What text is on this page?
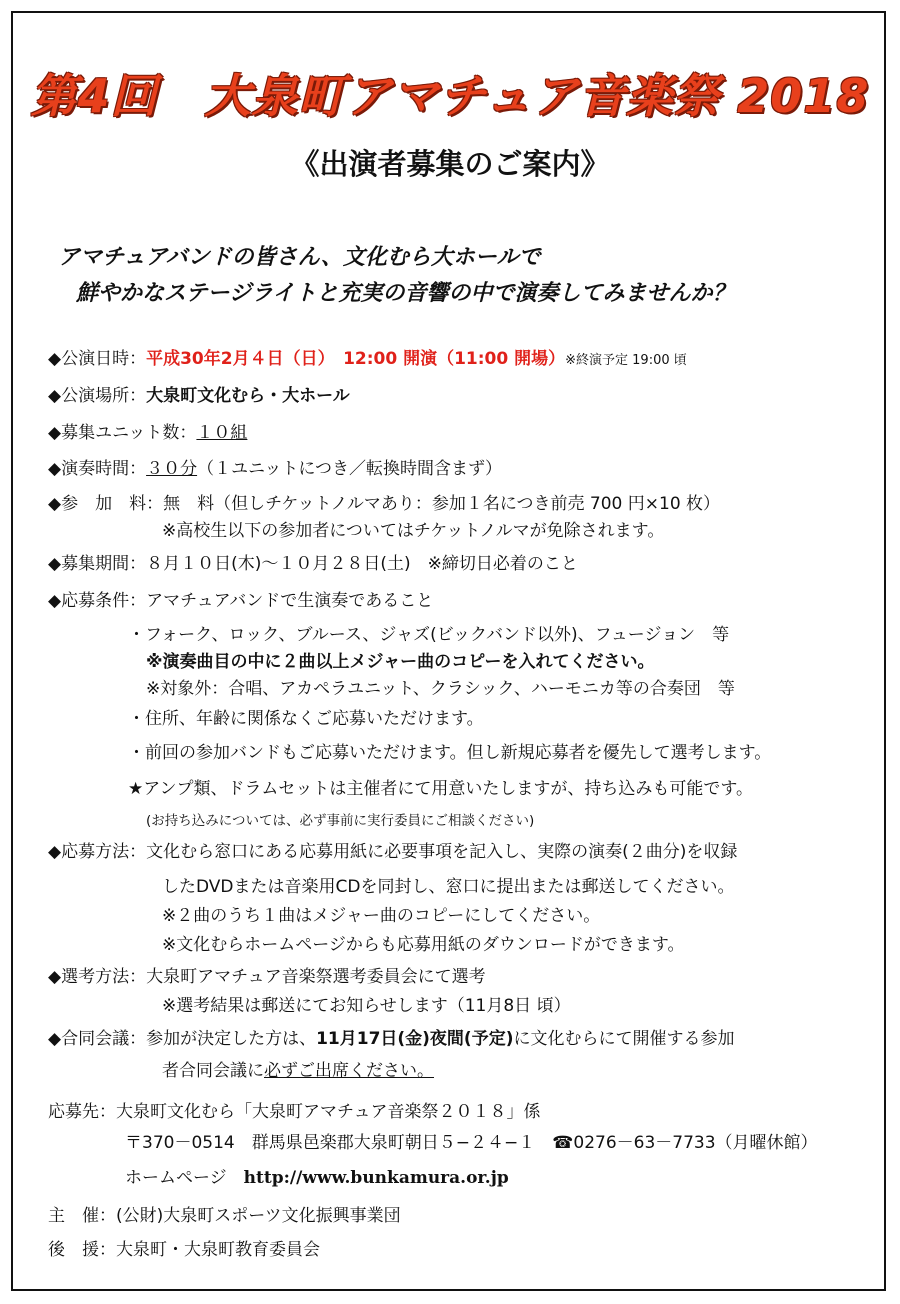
第4回　大泉町アマチュア音楽祭 2018
《出演者募集のご案内》
アマチュアバンドの皆さん、文化むら大ホールで
鮮やかなステージライトと充実の音響の中で演奏してみませんか？
◆公演日時：平成30年2月４日（日）　12:00 開演（11:00 開場）※終演予定 19:00 頃
◆公演場所：大泉町文化むら・大ホール
◆募集ユニット数：１０組
◆演奏時間：３０分（１ユニットにつき／転換時間含まず）
◆参　加　料：無　料（但しチケットノルマあり：参加１名につき前売 700 円×10 枚）
※高校生以下の参加者についてはチケットノルマが免除されます。
◆募集期間：８月１０日(木)～１０月２８日(土)　※締切日必着のこと
◆応募条件：アマチュアバンドで生演奏であること
・フォーク、ロック、ブルース、ジャズ(ビックバンド以外)、フュージョン　等
※演奏曲目の中に２曲以上メジャー曲のコピーを入れてください。
※対象外：合唱、アカペラユニット、クラシック、ハーモニカ等の合奏団　等
・住所、年齢に関係なくご応募いただけます。
・前回の参加バンドもご応募いただけます。但し新規応募者を優先して選考します。
★アンプ類、ドラムセットは主催者にて用意いたしますが、持ち込みも可能です。
(お持ち込みについては、必ず事前に実行委員にご相談ください)
◆応募方法：文化むら窓口にある応募用紙に必要事項を記入し、実際の演奏(２曲分)を収録
したDVDまたは音楽用CDを同封し、窓口に提出または郵送してください。
※２曲のうち１曲はメジャー曲のコピーにしてください。
※文化むらホームページからも応募用紙のダウンロードができます。
◆選考方法：大泉町アマチュア音楽祭選考委員会にて選考
※選考結果は郵送にてお知らせします（11月8日 頃）
◆合同会議：参加が決定した方は、11月17日(金)夜間(予定)に文化むらにて開催する参加
者合同会議に必ずご出席ください。
応募先：大泉町文化むら「大泉町アマチュア音楽祭２０１８」係
〒370－0514　群馬県邑楽郡大泉町朝日５−２４−１　 ☎0276－63－7733（月曜休館）
ホームページ　 http://www.bunkamura.or.jp
主　催：(公財)大泉町スポーツ文化振興事業団
後　援：大泉町・大泉町教育委員会
